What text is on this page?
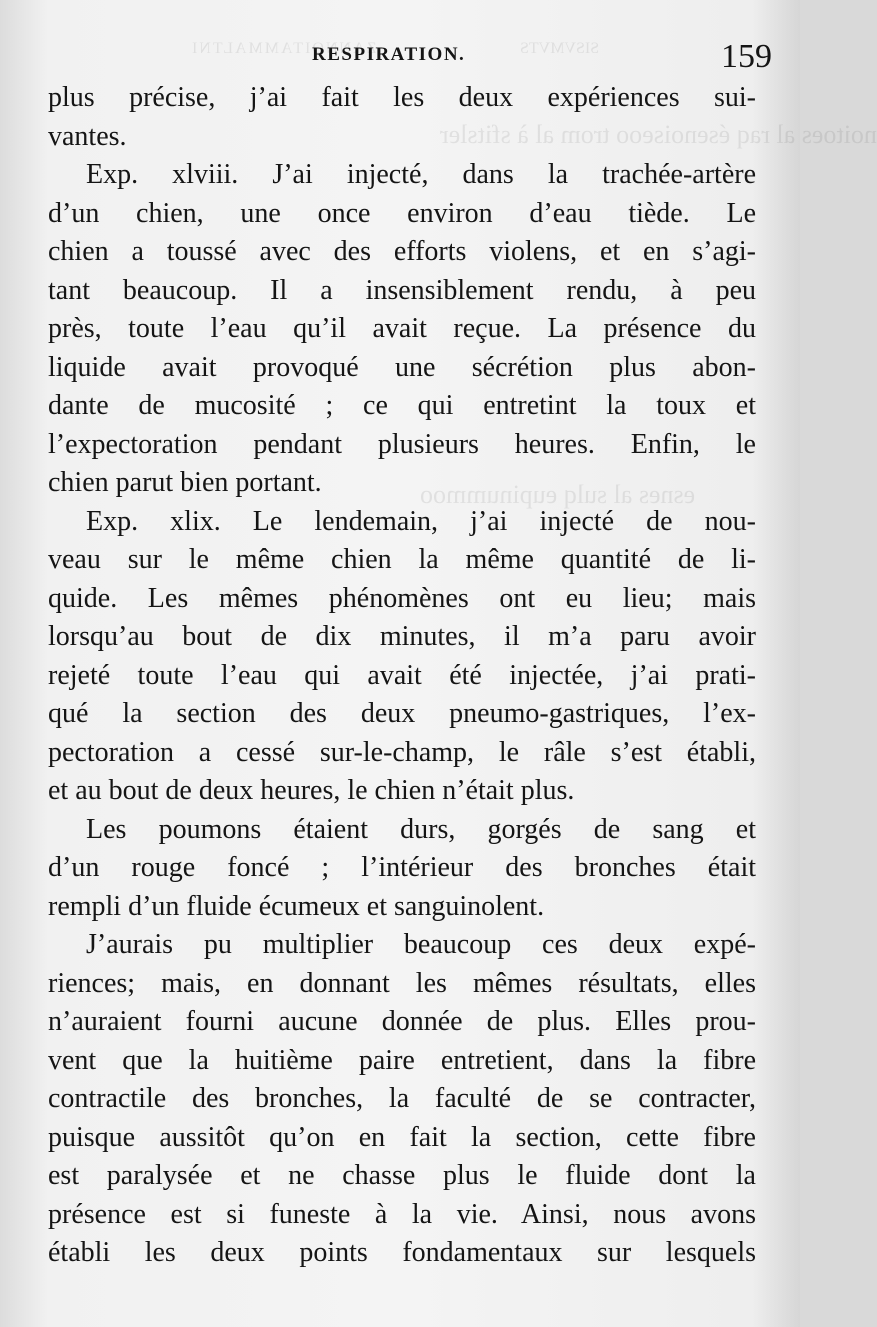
ZANNOITAMMALTNI	SISVMVTS
noitoes al raq ésenoiseoo trom al à sfitsler
esnes al sulq eupinummoo
RESPIRATION.	159
plus précise, j’ai fait les deux expériences sui-
vantes.
Exp. xlviii. J’ai injecté, dans la trachée-artère
d’un chien, une once environ d’eau tiède. Le
chien a toussé avec des efforts violens, et en s’agi-
tant beaucoup. Il a insensiblement rendu, à peu
près, toute l’eau qu’il avait reçue. La présence du
liquide avait provoqué une sécrétion plus abon-
dante de mucosité ; ce qui entretint la toux et
l’expectoration pendant plusieurs heures. Enfin, le
chien parut bien portant.
Exp. xlix. Le lendemain, j’ai injecté de nou-
veau sur le même chien la même quantité de li-
quide. Les mêmes phénomènes ont eu lieu; mais
lorsqu’au bout de dix minutes, il m’a paru avoir
rejeté toute l’eau qui avait été injectée, j’ai prati-
qué la section des deux pneumo-gastriques, l’ex-
pectoration a cessé sur-le-champ, le râle s’est établi,
et au bout de deux heures, le chien n’était plus.
Les poumons étaient durs, gorgés de sang et
d’un rouge foncé ; l’intérieur des bronches était
rempli d’un fluide écumeux et sanguinolent.
J’aurais pu multiplier beaucoup ces deux expé-
riences; mais, en donnant les mêmes résultats, elles
n’auraient fourni aucune donnée de plus. Elles prou-
vent que la huitième paire entretient, dans la fibre
contractile des bronches, la faculté de se contracter,
puisque aussitôt qu’on en fait la section, cette fibre
est paralysée et ne chasse plus le fluide dont la
présence est si funeste à la vie. Ainsi, nous avons
établi les deux points fondamentaux sur lesquels
